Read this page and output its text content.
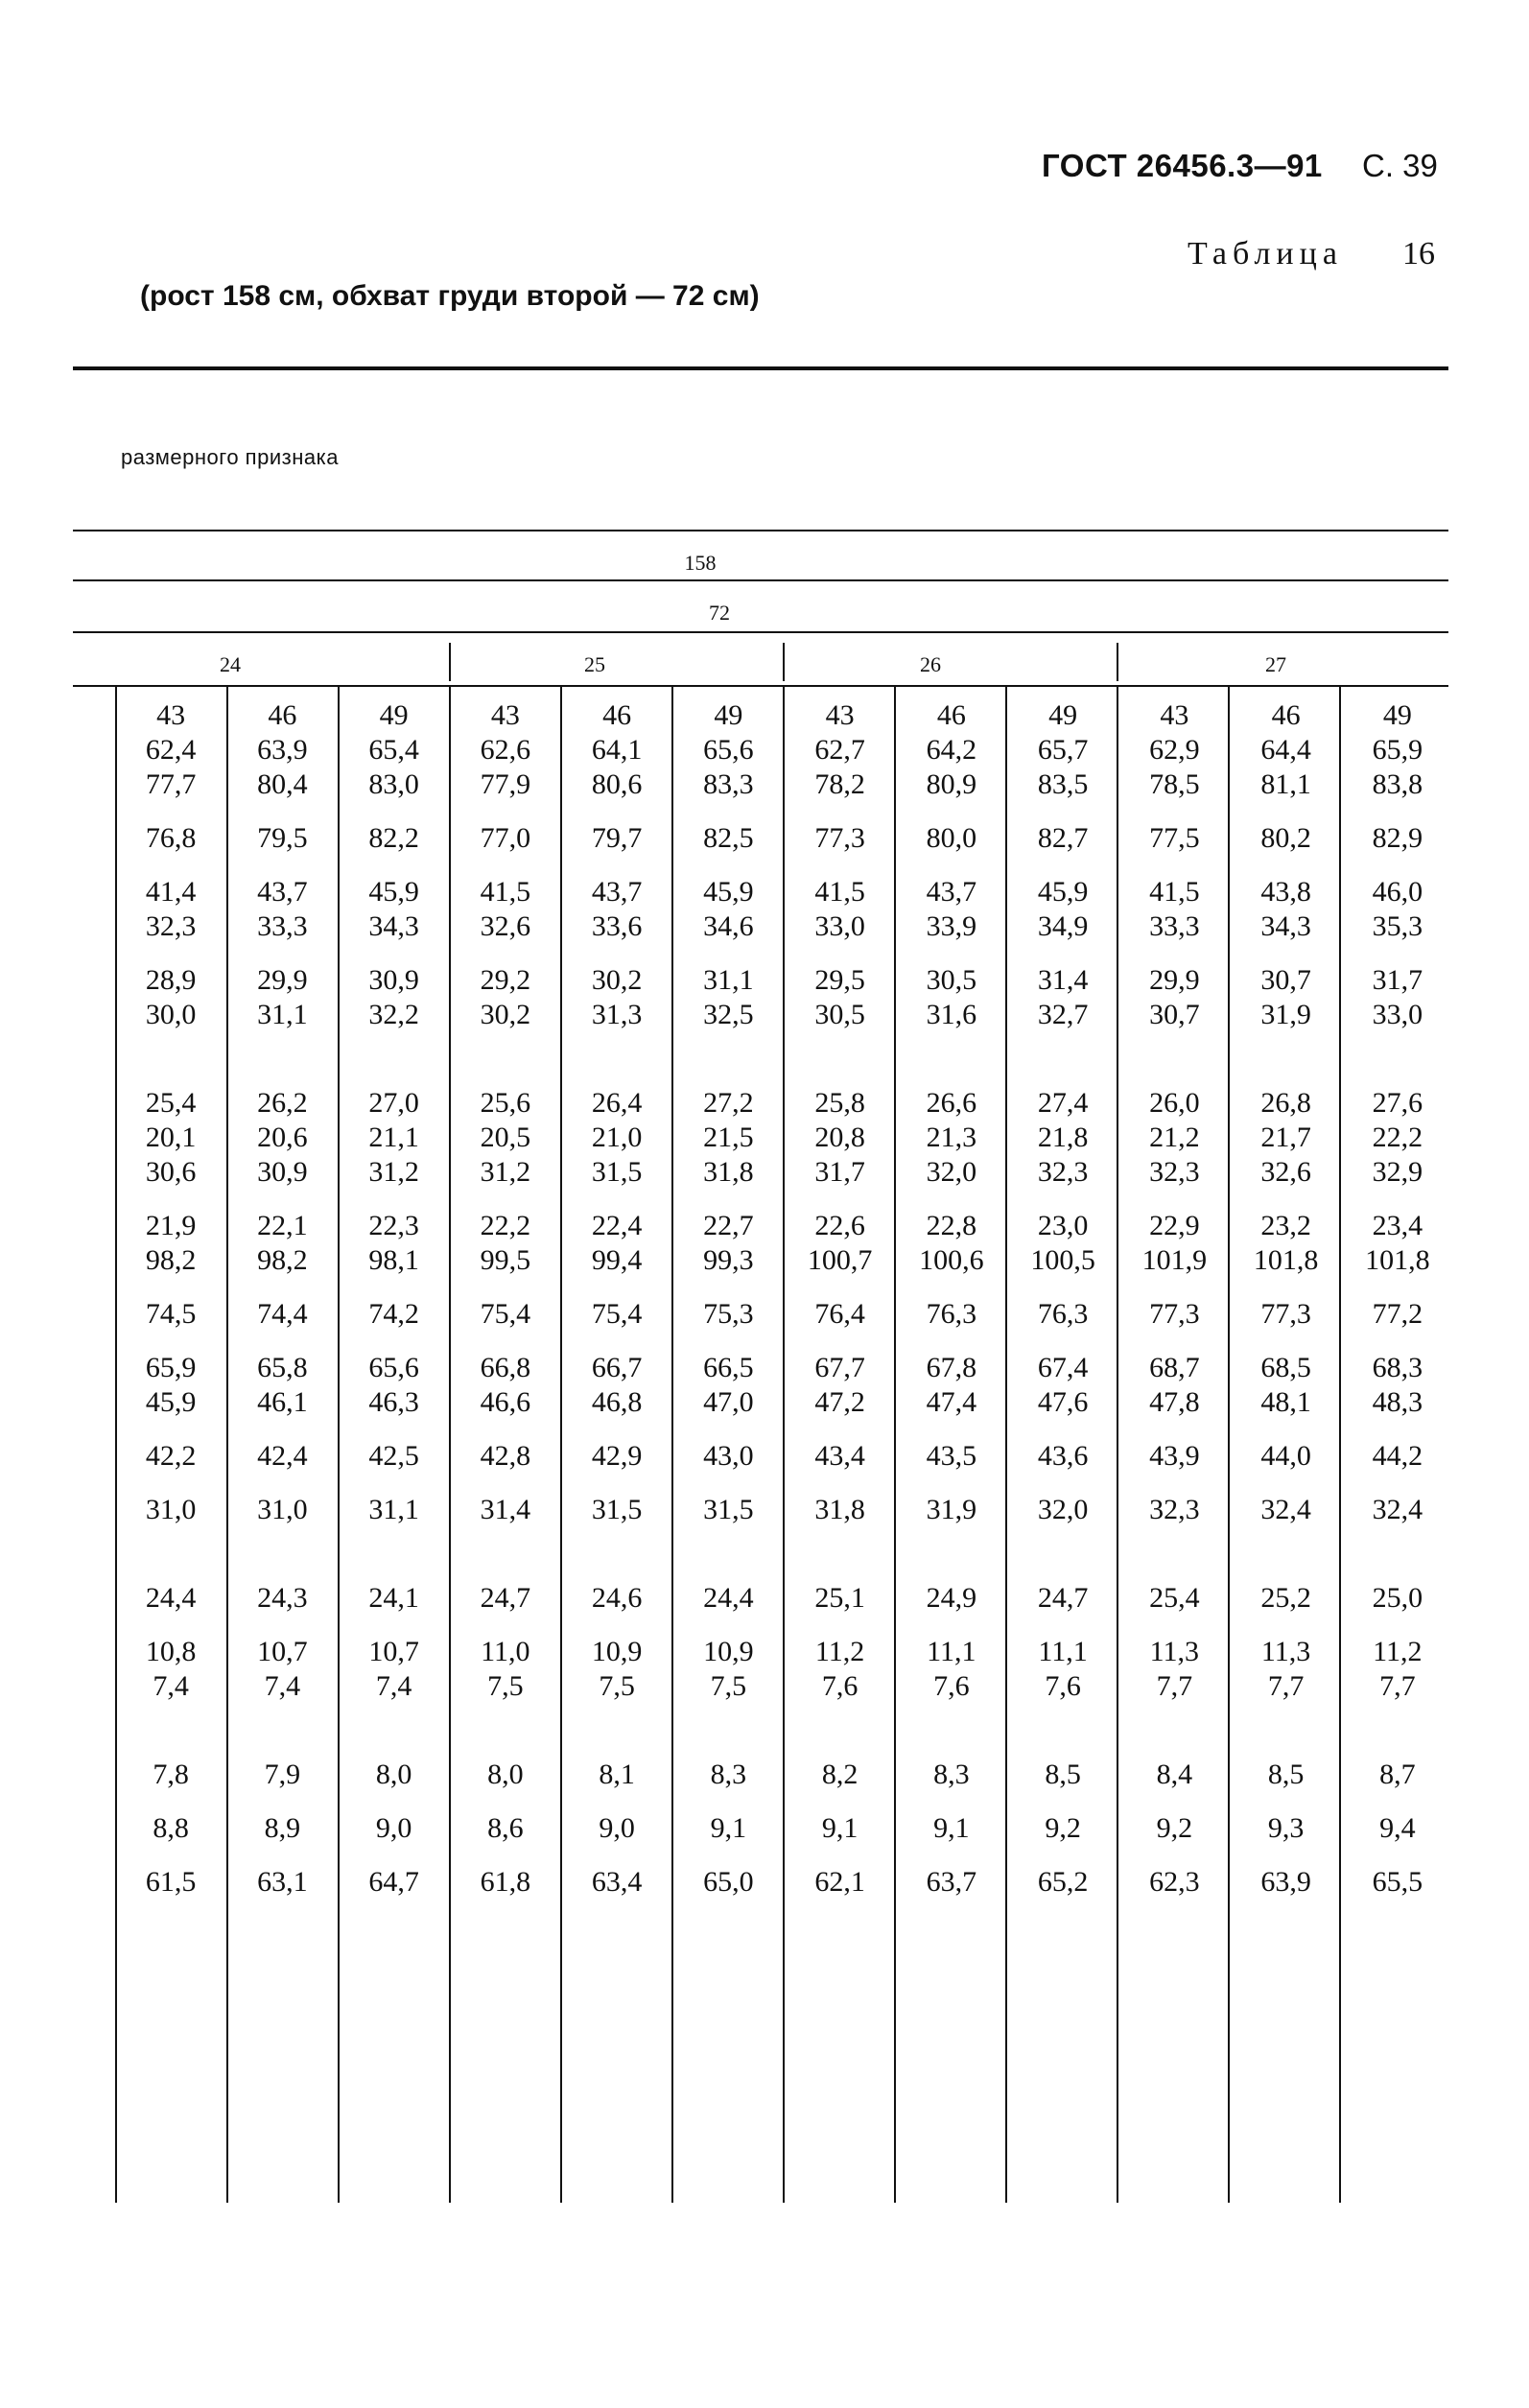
ГОСТ 26456.3—91 С. 39
Таблица 16
(рост 158 см, обхват груди второй — 72 см)
размерного признака
158
72
24	25	26	27
43	46	49	43	46	49	43	46	49	43	46	49
62,4	63,9	65,4	62,6	64,1	65,6	62,7	64,2	65,7	62,9	64,4	65,9
77,7	80,4	83,0	77,9	80,6	83,3	78,2	80,9	83,5	78,5	81,1	83,8
76,8	79,5	82,2	77,0	79,7	82,5	77,3	80,0	82,7	77,5	80,2	82,9
41,4	43,7	45,9	41,5	43,7	45,9	41,5	43,7	45,9	41,5	43,8	46,0
32,3	33,3	34,3	32,6	33,6	34,6	33,0	33,9	34,9	33,3	34,3	35,3
28,9	29,9	30,9	29,2	30,2	31,1	29,5	30,5	31,4	29,9	30,7	31,7
30,0	31,1	32,2	30,2	31,3	32,5	30,5	31,6	32,7	30,7	31,9	33,0
25,4	26,2	27,0	25,6	26,4	27,2	25,8	26,6	27,4	26,0	26,8	27,6
20,1	20,6	21,1	20,5	21,0	21,5	20,8	21,3	21,8	21,2	21,7	22,2
30,6	30,9	31,2	31,2	31,5	31,8	31,7	32,0	32,3	32,3	32,6	32,9
21,9	22,1	22,3	22,2	22,4	22,7	22,6	22,8	23,0	22,9	23,2	23,4
98,2	98,2	98,1	99,5	99,4	99,3	100,7	100,6	100,5	101,9	101,8	101,8
74,5	74,4	74,2	75,4	75,4	75,3	76,4	76,3	76,3	77,3	77,3	77,2
65,9	65,8	65,6	66,8	66,7	66,5	67,7	67,8	67,4	68,7	68,5	68,3
45,9	46,1	46,3	46,6	46,8	47,0	47,2	47,4	47,6	47,8	48,1	48,3
42,2	42,4	42,5	42,8	42,9	43,0	43,4	43,5	43,6	43,9	44,0	44,2
31,0	31,0	31,1	31,4	31,5	31,5	31,8	31,9	32,0	32,3	32,4	32,4
24,4	24,3	24,1	24,7	24,6	24,4	25,1	24,9	24,7	25,4	25,2	25,0
10,8	10,7	10,7	11,0	10,9	10,9	11,2	11,1	11,1	11,3	11,3	11,2
7,4	7,4	7,4	7,5	7,5	7,5	7,6	7,6	7,6	7,7	7,7	7,7
7,8	7,9	8,0	8,0	8,1	8,3	8,2	8,3	8,5	8,4	8,5	8,7
8,8	8,9	9,0	8,6	9,0	9,1	9,1	9,1	9,2	9,2	9,3	9,4
61,5	63,1	64,7	61,8	63,4	65,0	62,1	63,7	65,2	62,3	63,9	65,5
